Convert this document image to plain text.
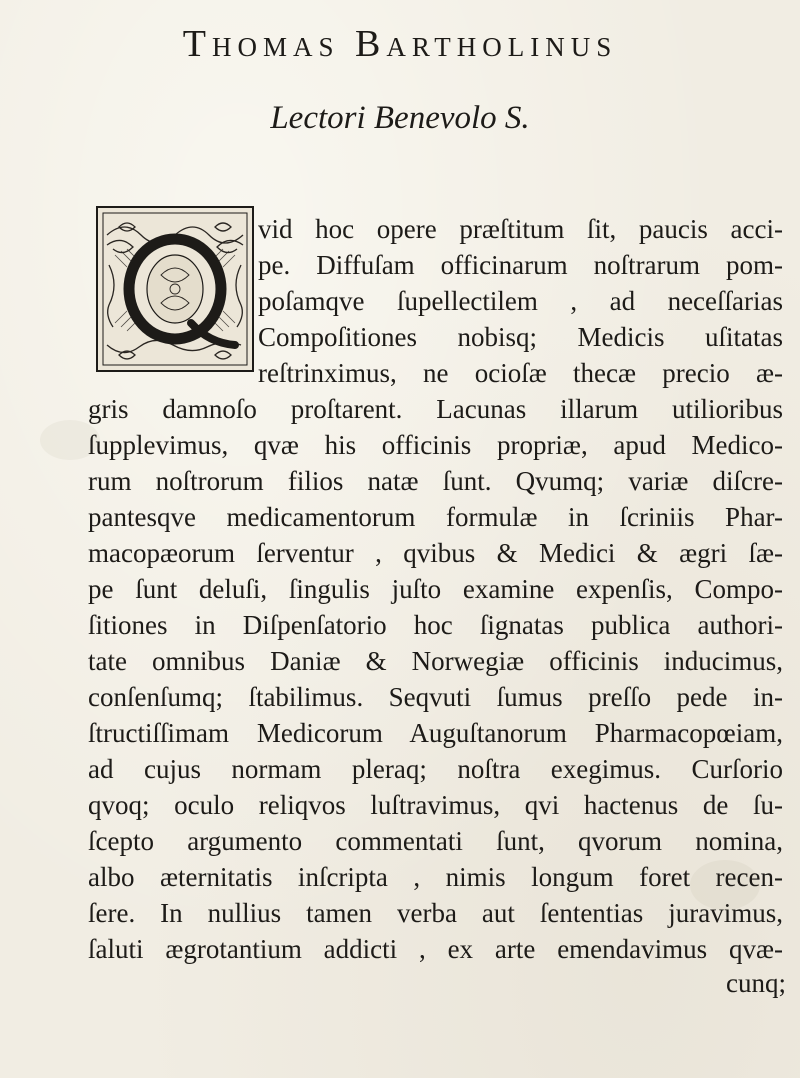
Thomas Bartholinus
Lectori Benevolo S.
vid hoc opere præſtitum ſit, paucis acci-
pe. Diffuſam officinarum noſtrarum pom-
poſamqve ſupellectilem , ad neceſſarias
Compoſitiones nobisq; Medicis uſitatas
reſtrinximus, ne ocioſæ thecæ precio æ-
gris damnoſo proſtarent. Lacunas illarum utilioribus
ſupplevimus, qvæ his officinis propriæ, apud Medico-
rum noſtrorum filios natæ ſunt. Qvumq; variæ diſcre-
pantesqve medicamentorum formulæ in ſcriniis Phar-
macopæorum ſerventur , qvibus & Medici & ægri ſæ-
pe ſunt deluſi, ſingulis juſto examine expenſis, Compo-
ſitiones in Diſpenſatorio hoc ſignatas publica authori-
tate omnibus Daniæ & Norwegiæ officinis inducimus,
conſenſumq; ſtabilimus. Seqvuti ſumus preſſo pede in-
ſtructiſſimam Medicorum Auguſtanorum Pharmacopœiam,
ad cujus normam pleraq; noſtra exegimus. Curſorio
qvoq; oculo reliqvos luſtravimus, qvi hactenus de ſu-
ſcepto argumento commentati ſunt, qvorum nomina,
albo æternitatis inſcripta , nimis longum foret recen-
ſere. In nullius tamen verba aut ſententias juravimus,
ſaluti ægrotantium addicti , ex arte emendavimus qvæ-
cunq;
